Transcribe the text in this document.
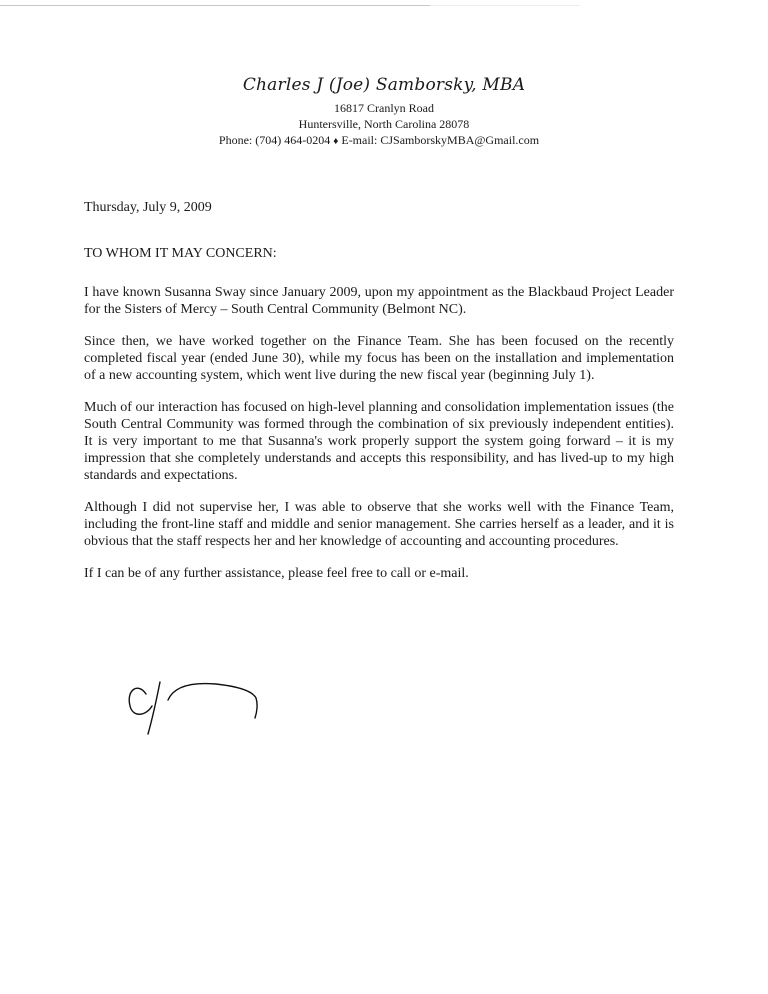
Charles J (Joe) Samborsky, MBA
16817 Cranlyn Road
Huntersville, North Carolina 28078
Phone: (704) 464-0204 ♦ E-mail: CJSamborskyMBA@Gmail.com
Thursday, July 9, 2009
TO WHOM IT MAY CONCERN:

I have known Susanna Sway since January 2009, upon my appointment as the Blackbaud Project Leader for the Sisters of Mercy – South Central Community (Belmont NC).

Since then, we have worked together on the Finance Team. She has been focused on the recently completed fiscal year (ended June 30), while my focus has been on the installation and implementation of a new accounting system, which went live during the new fiscal year (beginning July 1).

Much of our interaction has focused on high-level planning and consolidation implementation issues (the South Central Community was formed through the combination of six previously independent entities). It is very important to me that Susanna's work properly support the system going forward – it is my impression that she completely understands and accepts this responsibility, and has lived-up to my high standards and expectations.

Although I did not supervise her, I was able to observe that she works well with the Finance Team, including the front-line staff and middle and senior management. She carries herself as a leader, and it is obvious that the staff respects her and her knowledge of accounting and accounting procedures.

If I can be of any further assistance, please feel free to call or e-mail.
